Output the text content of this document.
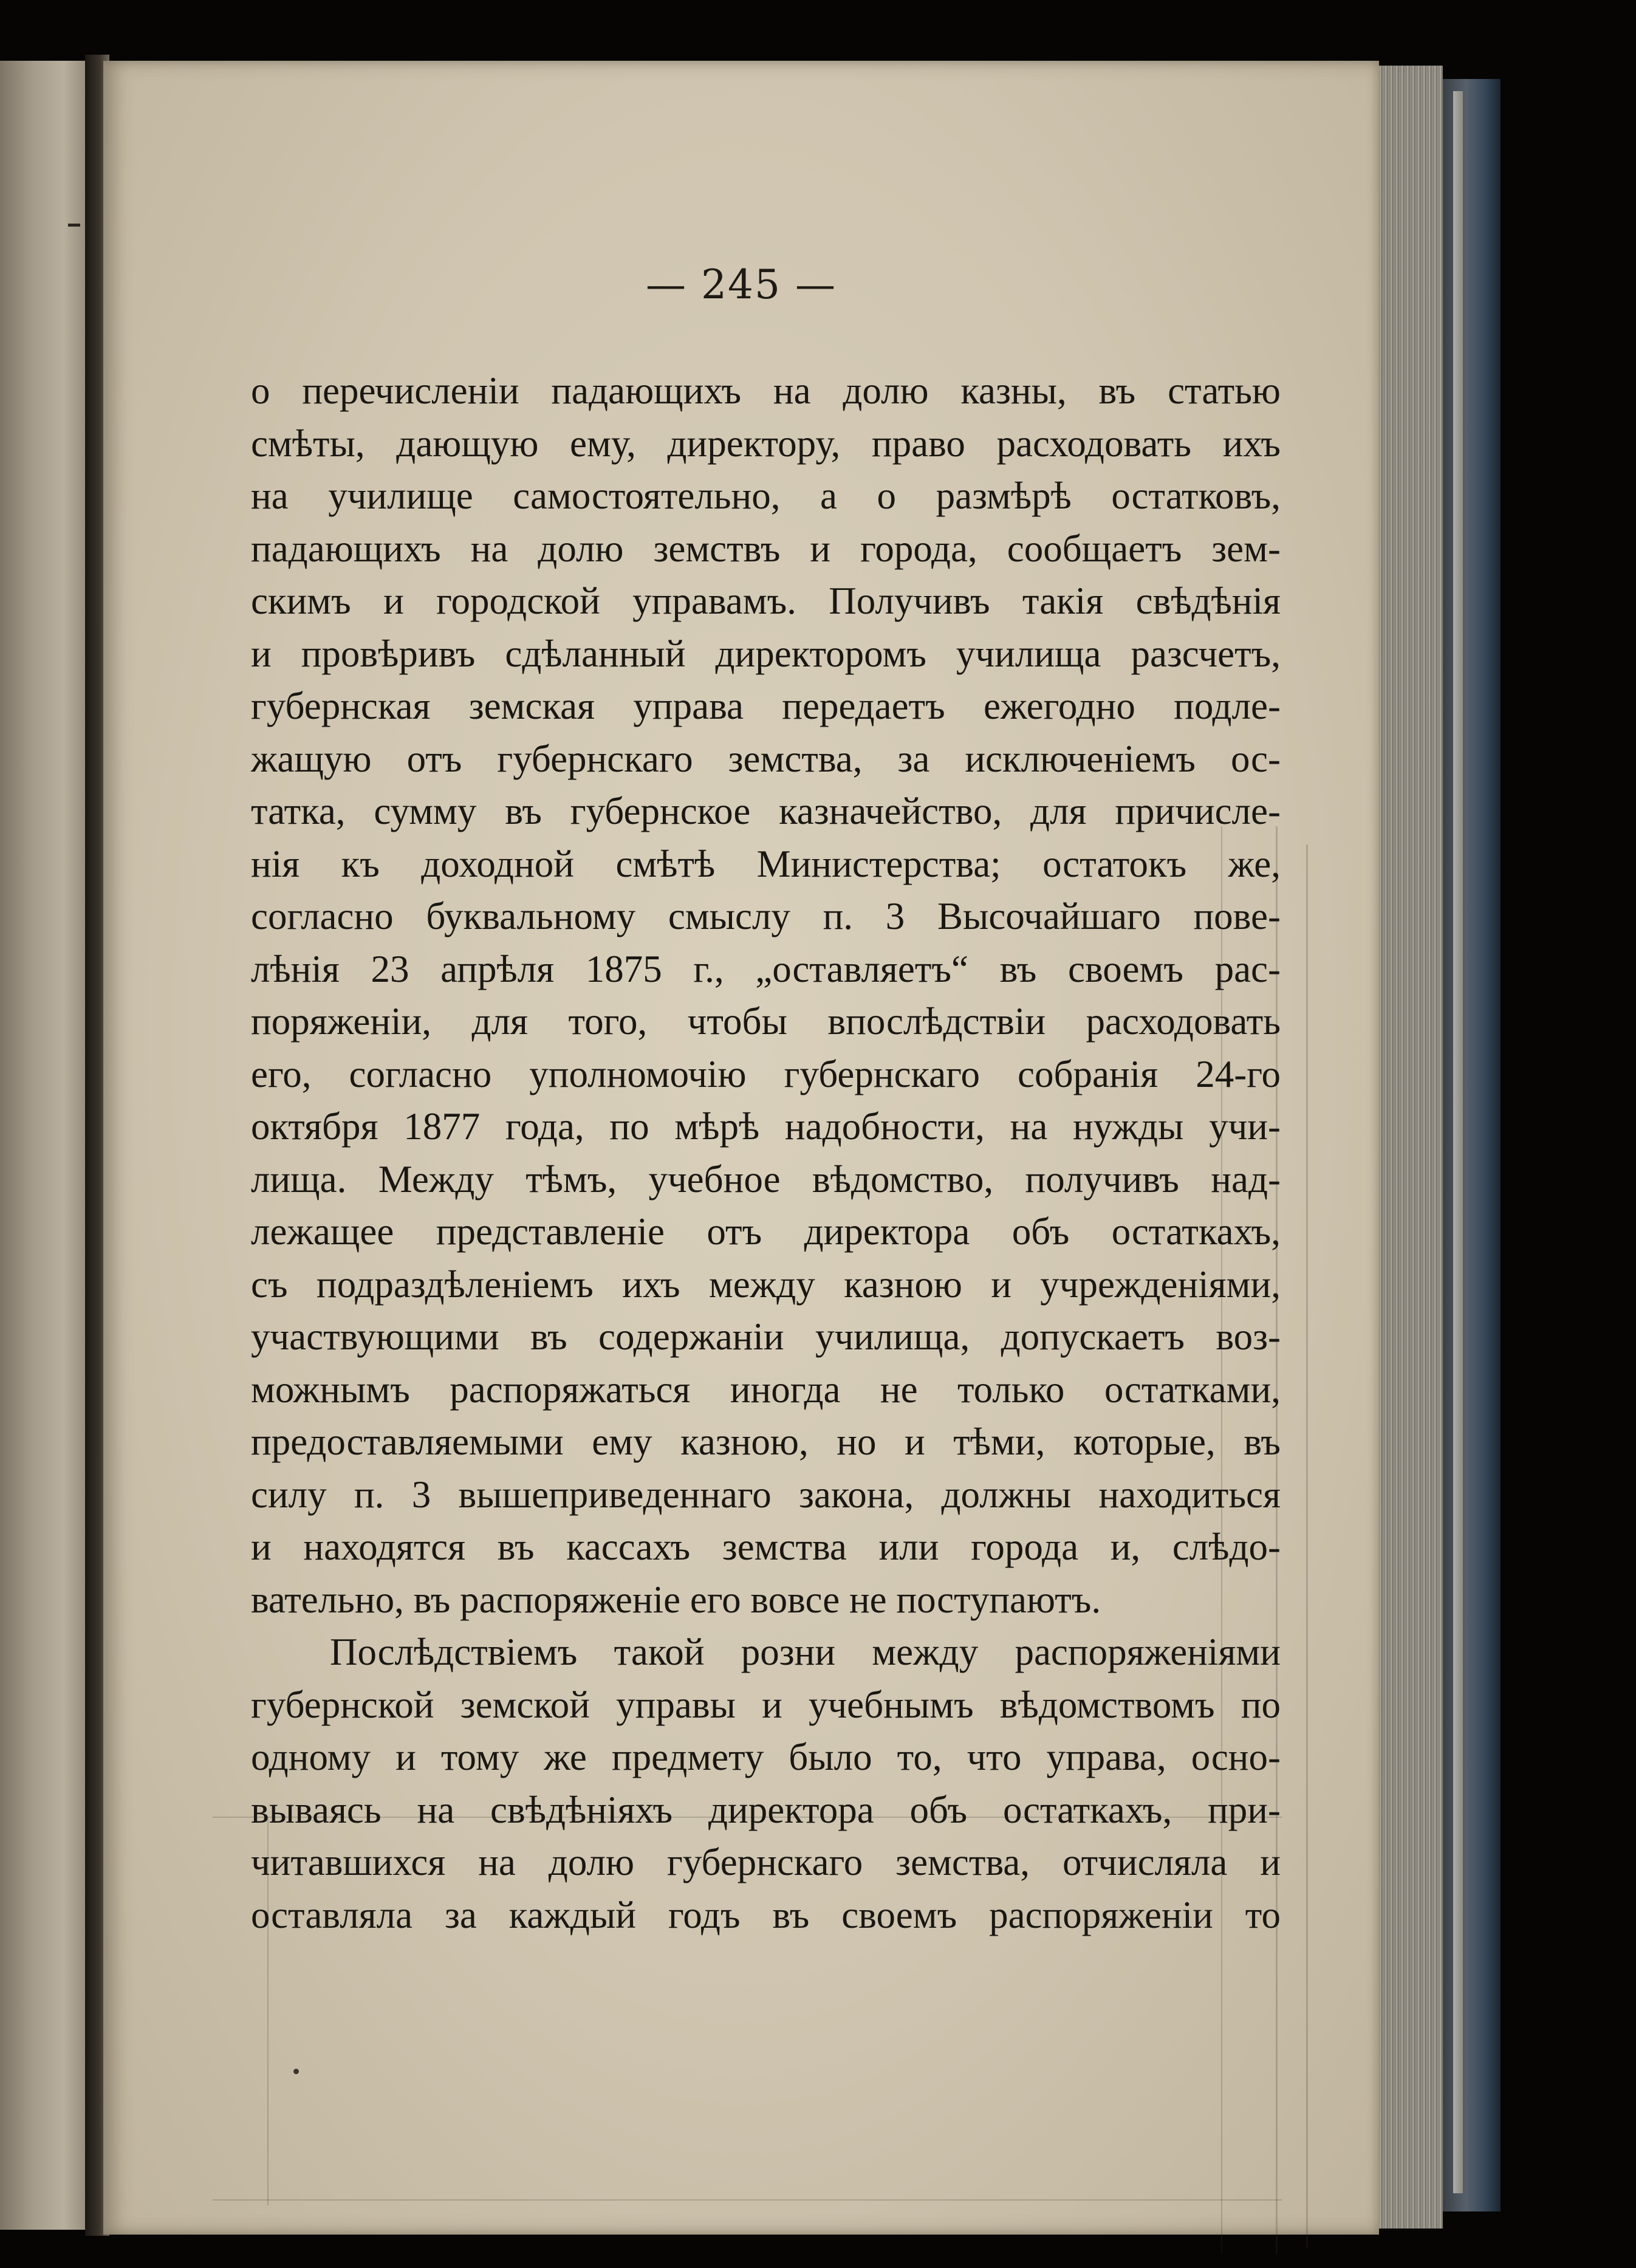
— 245 —
о перечисленіи падающихъ на долю казны, въ статью
смѣты, дающую ему, директору, право расходовать ихъ
на училище самостоятельно, а о размѣрѣ остатковъ,
падающихъ на долю земствъ и города, сообщаетъ зем-
скимъ и городской управамъ. Получивъ такія свѣдѣнія
и провѣривъ сдѣланный директоромъ училища разсчетъ,
губернская земская управа передаетъ ежегодно подле-
жащую отъ губернскаго земства, за исключеніемъ ос-
татка, сумму въ губернское казначейство, для причисле-
нія къ доходной смѣтѣ Министерства; остатокъ же,
согласно буквальному смыслу п. 3 Высочайшаго пове-
лѣнія 23 апрѣля 1875 г., „оставляетъ“ въ своемъ рас-
поряженіи, для того, чтобы впослѣдствіи расходовать
его, согласно уполномочію губернскаго собранія 24-го
октября 1877 года, по мѣрѣ надобности, на нужды учи-
лища. Между тѣмъ, учебное вѣдомство, получивъ над-
лежащее представленіе отъ директора объ остаткахъ,
съ подраздѣленіемъ ихъ между казною и учрежденіями,
участвующими въ содержаніи училища, допускаетъ воз-
можнымъ распоряжаться иногда не только остатками,
предоставляемыми ему казною, но и тѣми, которые, въ
силу п. 3 вышеприведеннаго закона, должны находиться
и находятся въ кассахъ земства или города и, слѣдо-
вательно, въ распоряженіе его вовсе не поступаютъ.
Послѣдствіемъ такой розни между распоряженіями
губернской земской управы и учебнымъ вѣдомствомъ по
одному и тому же предмету было то, что управа, осно-
вываясь на свѣдѣніяхъ директора объ остаткахъ, при-
читавшихся на долю губернскаго земства, отчисляла и
оставляла за каждый годъ въ своемъ распоряженіи то
